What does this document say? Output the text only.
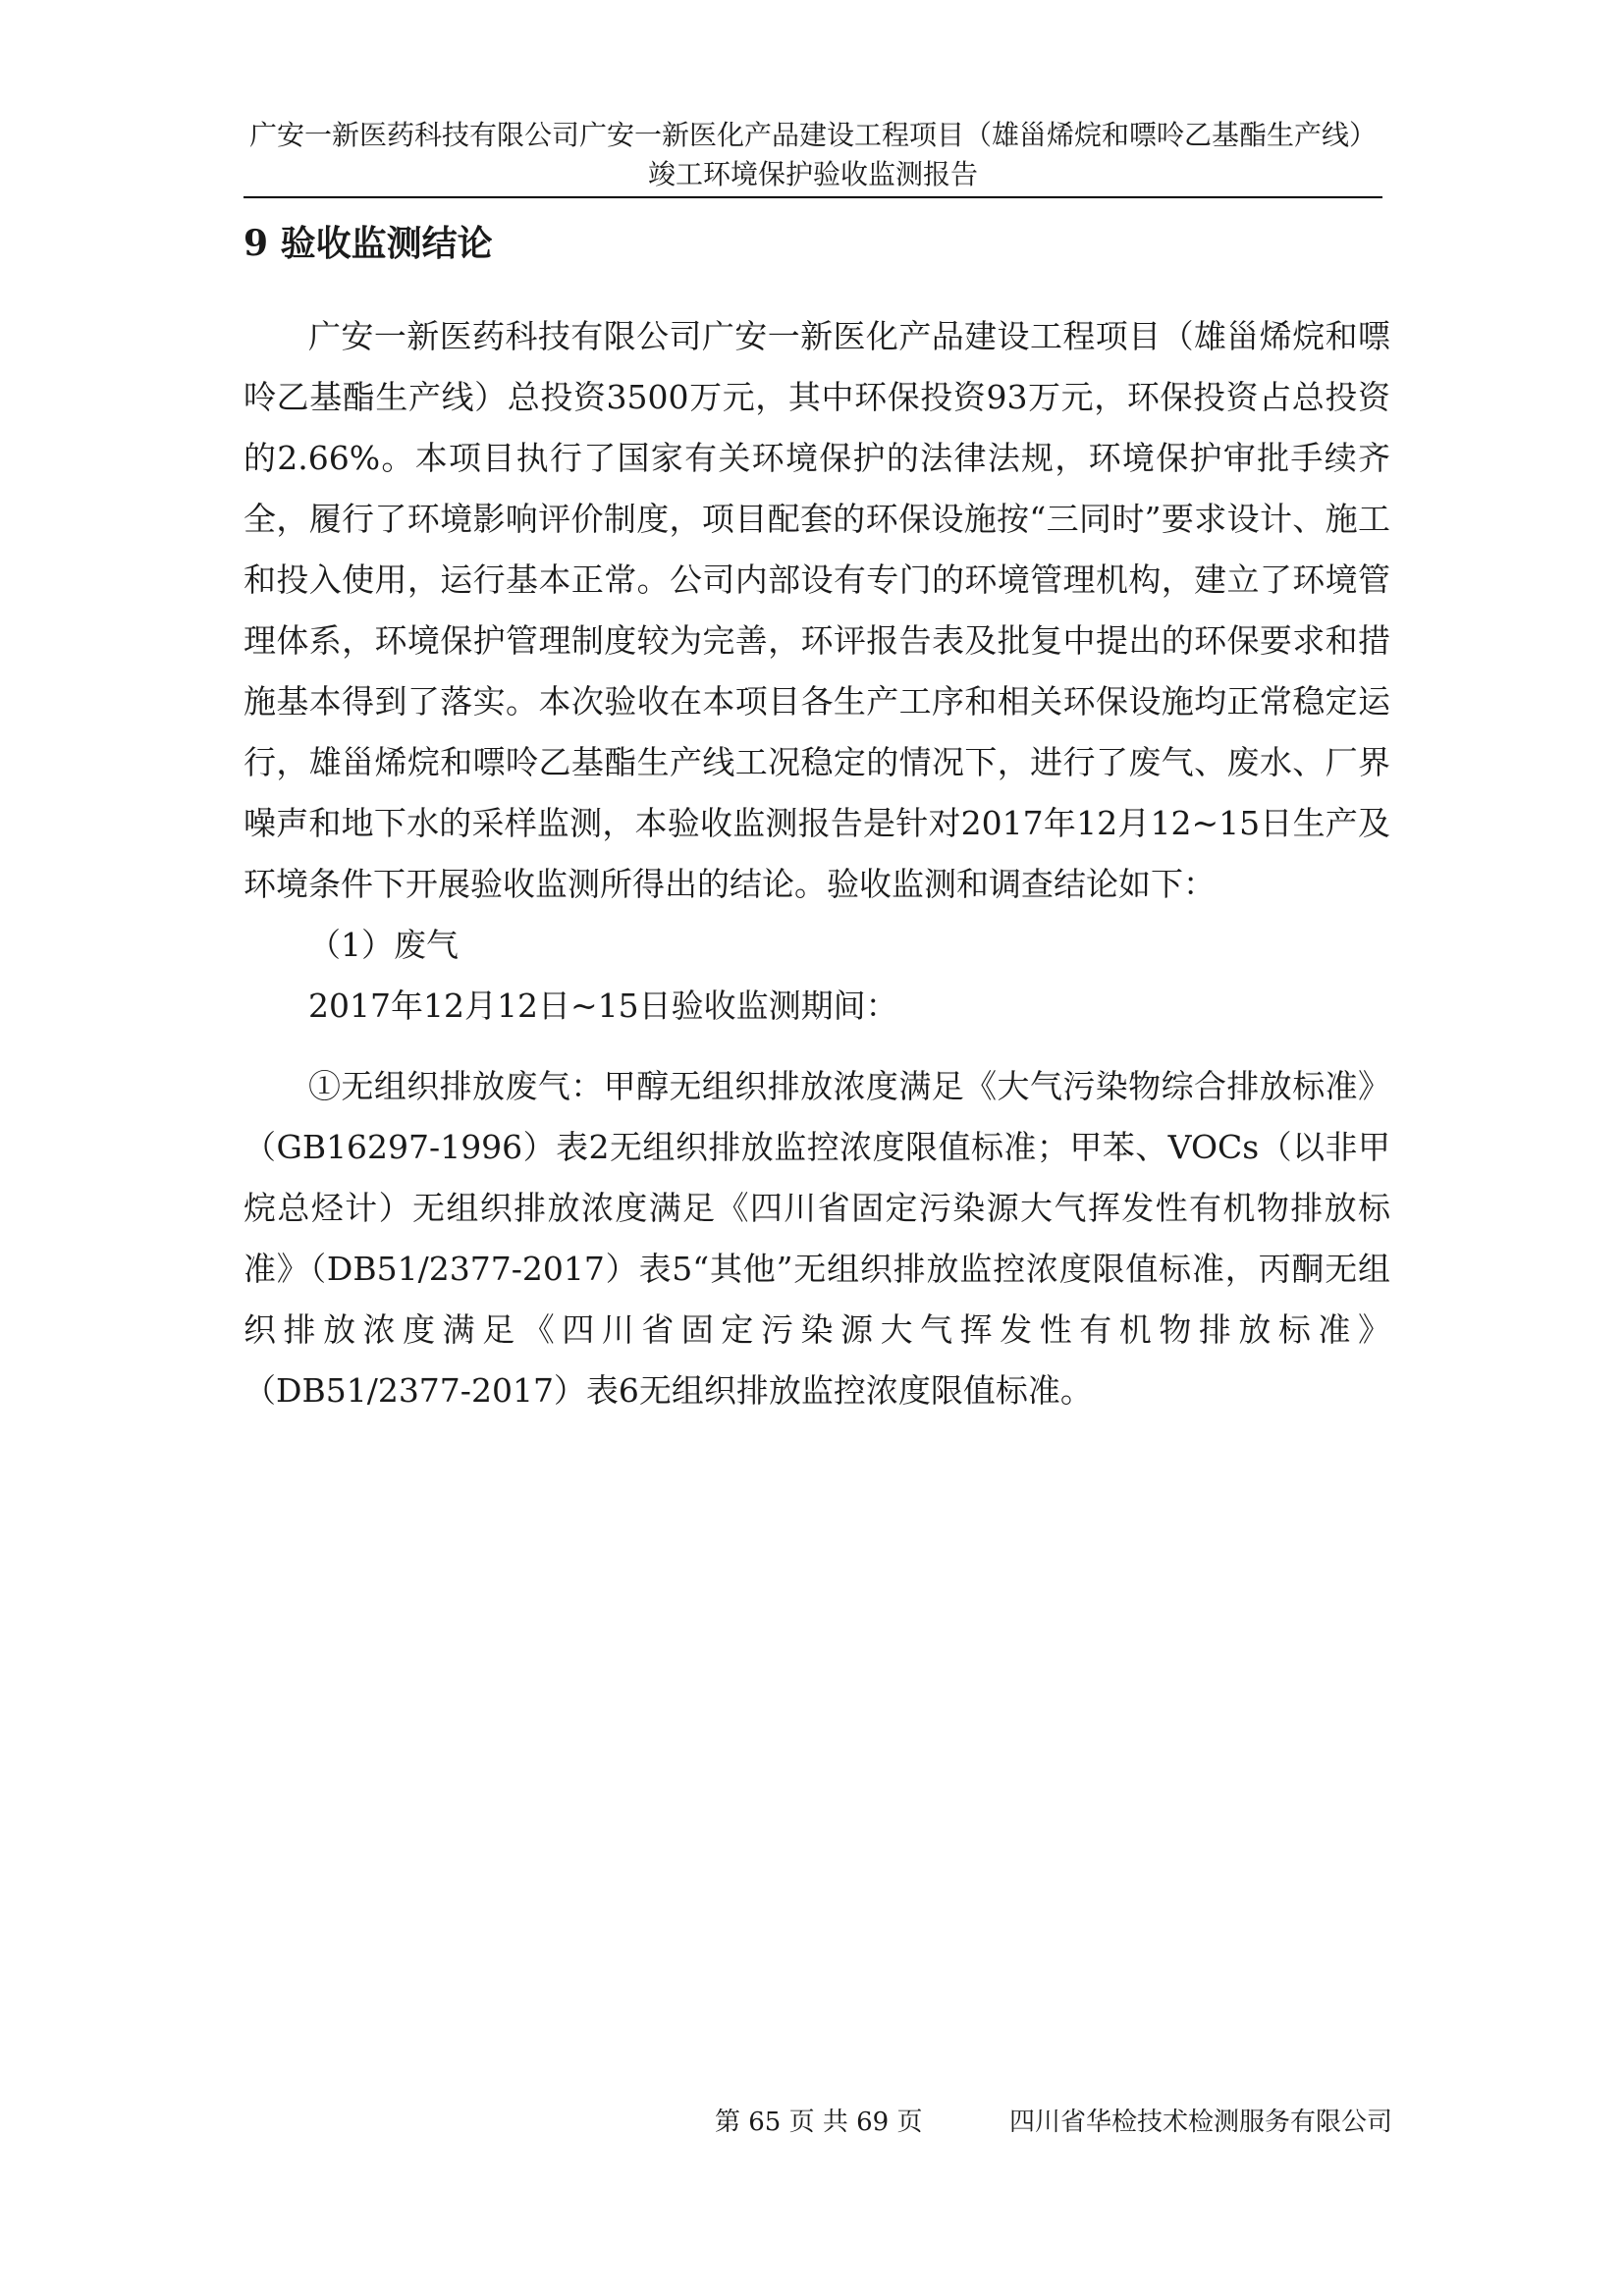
广安一新医药科技有限公司广安一新医化产品建设工程项目（雄甾烯烷和嘌呤乙基酯生产线）竣工环境保护验收监测报告
9 验收监测结论

广安一新医药科技有限公司广安一新医化产品建设工程项目（雄甾烯烷和嘌呤乙基酯生产线）总投资3500万元，其中环保投资93万元，环保投资占总投资的2.66%。本项目执行了国家有关环境保护的法律法规，环境保护审批手续齐全，履行了环境影响评价制度，项目配套的环保设施按“三同时”要求设计、施工和投入使用，运行基本正常。公司内部设有专门的环境管理机构，建立了环境管理体系，环境保护管理制度较为完善，环评报告表及批复中提出的环保要求和措施基本得到了落实。本次验收在本项目各生产工序和相关环保设施均正常稳定运行，雄甾烯烷和嘌呤乙基酯生产线工况稳定的情况下，进行了废气、废水、厂界噪声和地下水的采样监测，本验收监测报告是针对2017年12月12~15日生产及环境条件下开展验收监测所得出的结论。验收监测和调查结论如下：

（1）废气

2017年12月12日~15日验收监测期间：

①无组织排放废气：甲醇无组织排放浓度满足《大气污染物综合排放标准》（GB16297-1996）表2无组织排放监控浓度限值标准；甲苯、VOCs（以非甲烷总烃计）无组织排放浓度满足《四川省固定污染源大气挥发性有机物排放标准》（DB51/2377-2017）表5“其他”无组织排放监控浓度限值标准，丙酮无组织排放浓度满足《四川省固定污染源大气挥发性有机物排放标准》（DB51/2377-2017）表6无组织排放监控浓度限值标准。

第 65 页 共 69 页	四川省华检技术检测服务有限公司
